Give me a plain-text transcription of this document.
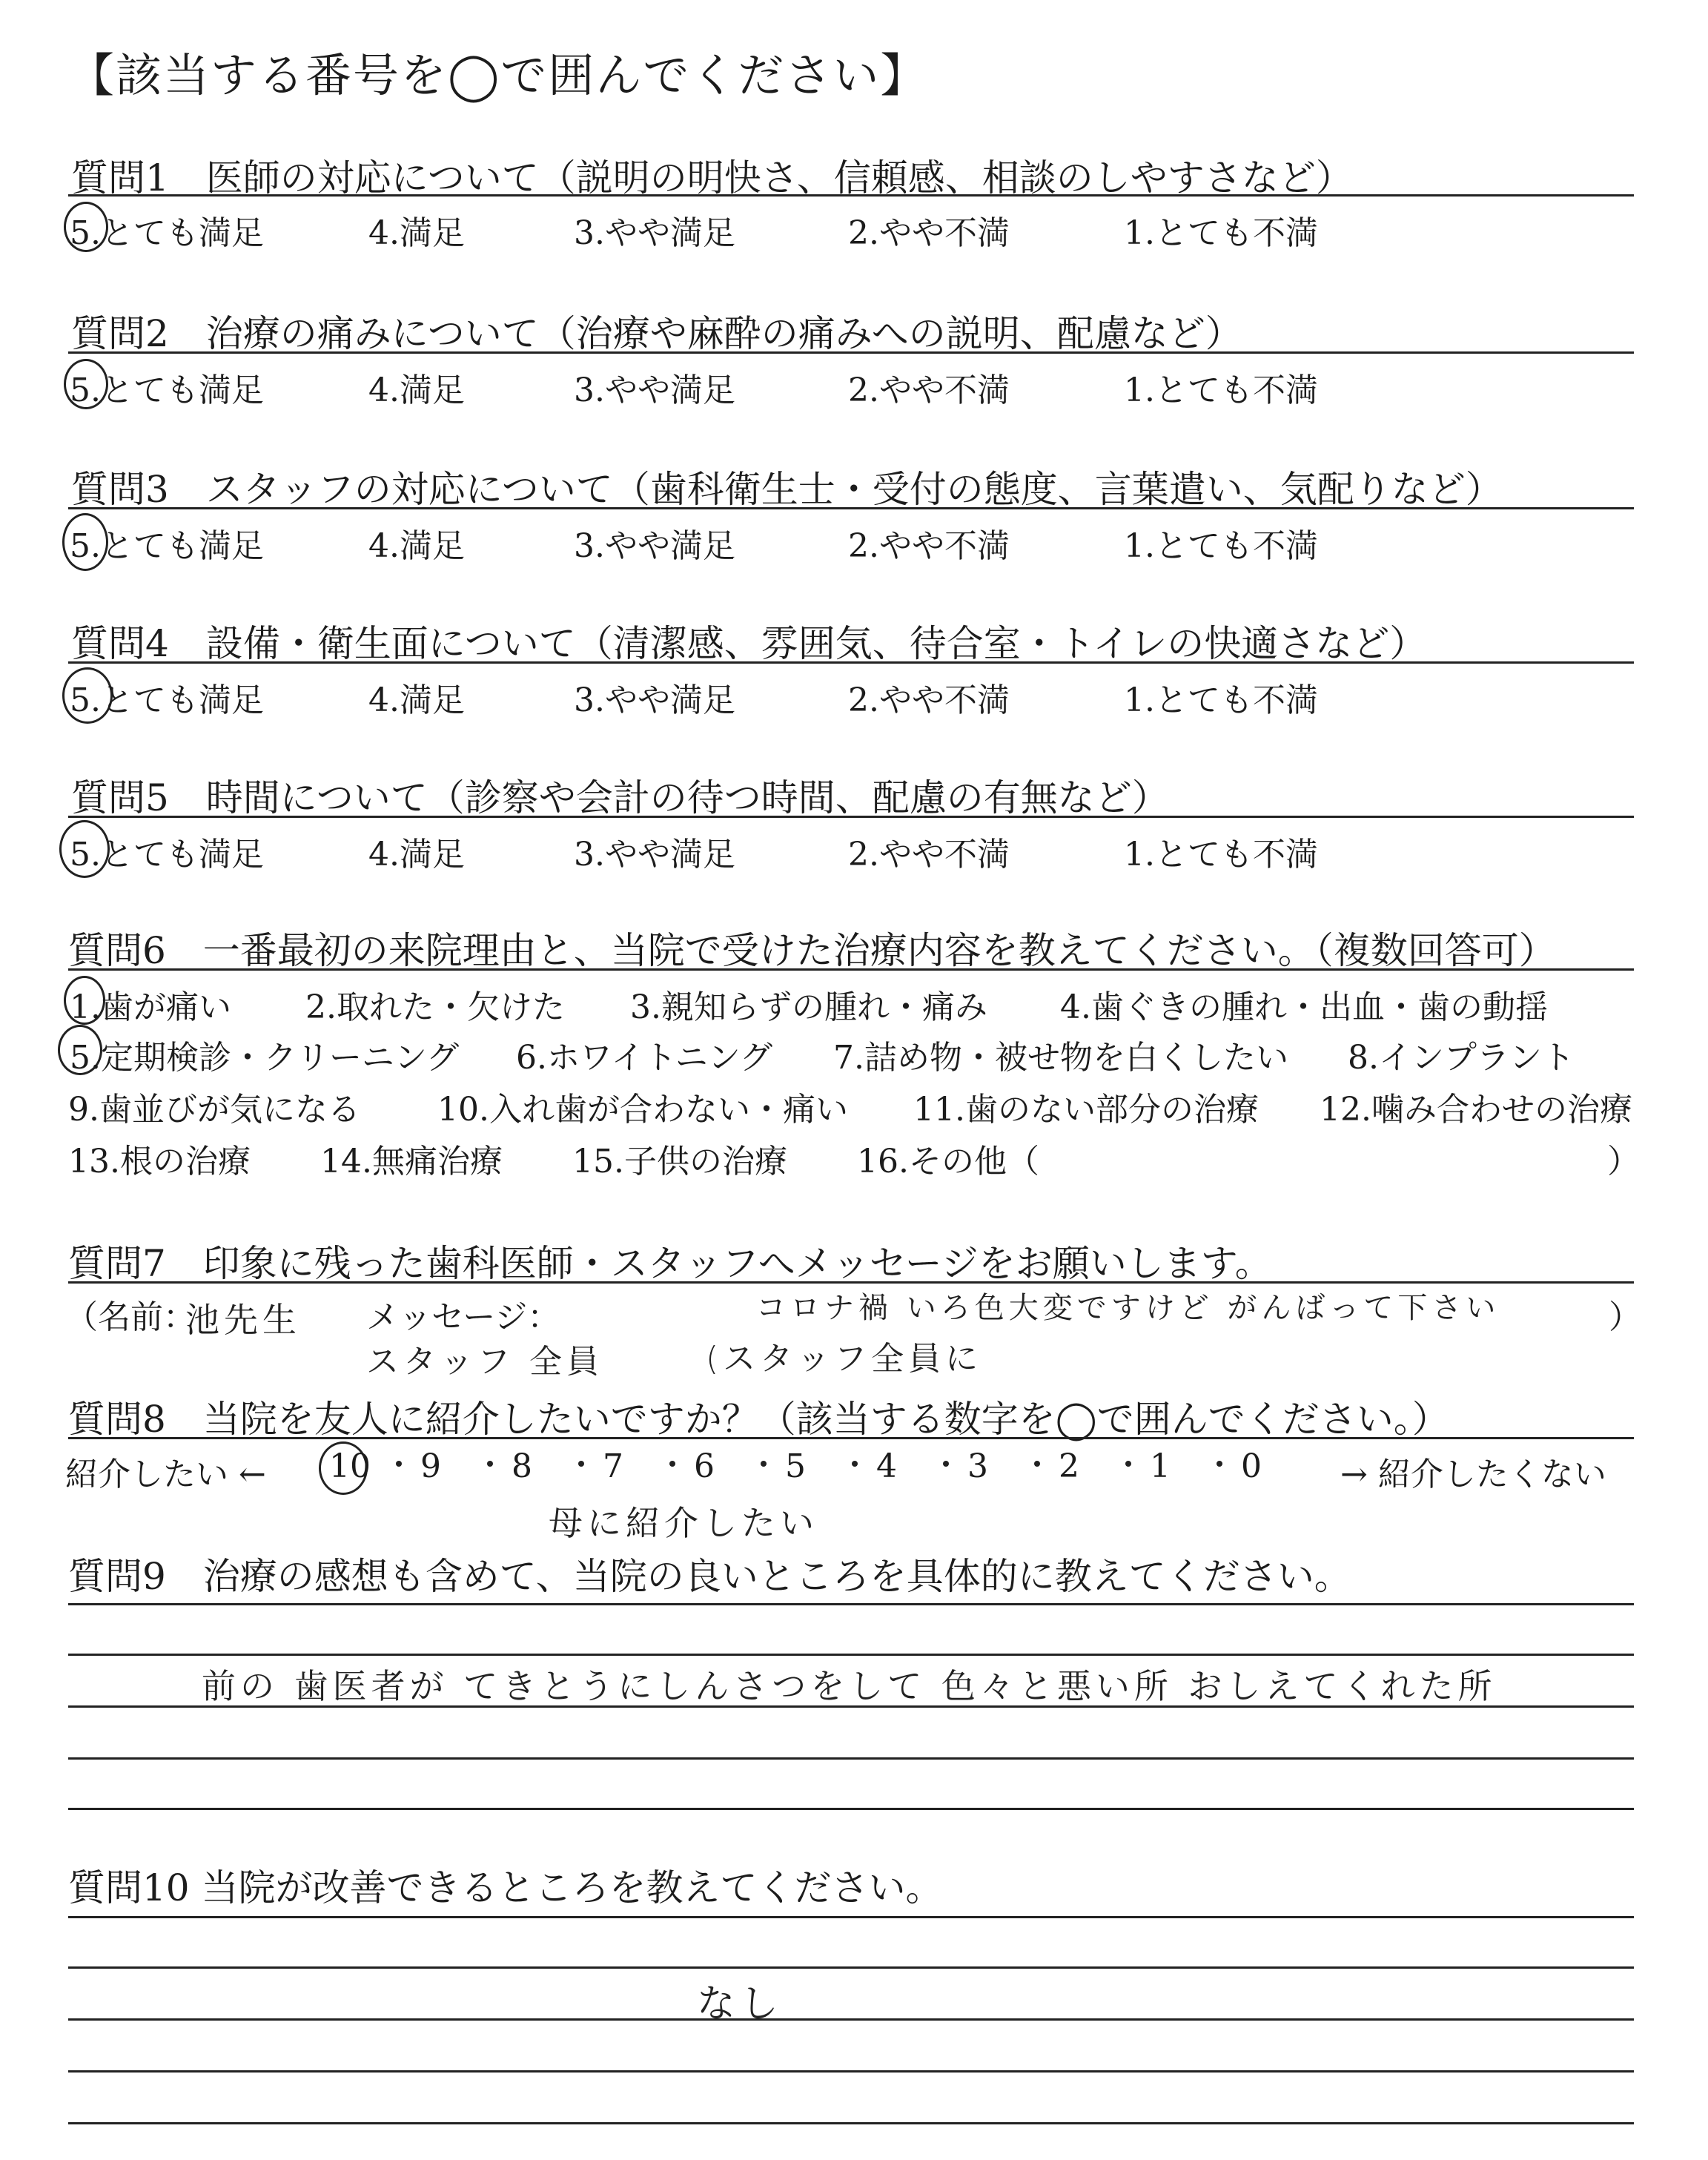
【該当する番号を◯で囲んでください】
質問1　医師の対応について（説明の明快さ、信頼感、相談のしやすさなど）
5.とても満足	4.満足	3.やや満足	2.やや不満	1.とても不満
質問2　治療の痛みについて（治療や麻酔の痛みへの説明、配慮など）
5.とても満足	4.満足	3.やや満足	2.やや不満	1.とても不満
質問3　スタッフの対応について（歯科衛生士・受付の態度、言葉遣い、気配りなど）
5.とても満足	4.満足	3.やや満足	2.やや不満	1.とても不満
質問4　設備・衛生面について（清潔感、雰囲気、待合室・トイレの快適さなど）
5.とても満足	4.満足	3.やや満足	2.やや不満	1.とても不満
質問5　時間について（診察や会計の待つ時間、配慮の有無など）
5.とても満足	4.満足	3.やや満足	2.やや不満	1.とても不満
質問6　一番最初の来院理由と、当院で受けた治療内容を教えてください。（複数回答可）
1.歯が痛い 2.取れた・欠けた 3.親知らずの腫れ・痛み 4.歯ぐきの腫れ・出血・歯の動揺
5.定期検診・クリーニング 6.ホワイトニング 7.詰め物・被せ物を白くしたい 8.インプラント
9.歯並びが気になる 10.入れ歯が合わない・痛い 11.歯のない部分の治療 12.噛み合わせの治療
13.根の治療 14.無痛治療 15.子供の治療 16.その他（	）
質問7　印象に残った歯科医師・スタッフへメッセージをお願いします。
（名前：
池先生 メッセージ：	コロナ禍 いろ色大変ですけど がんばって下さい	）
スタッフ 全員	(スタッフ全員に
質問8　当院を友人に紹介したいですか？（該当する数字を◯で囲んでください。）
紹介したい ← 10 9 8 7 6 5 4 3 2 1 0 → 紹介したくない
母に紹介したい
質問9　治療の感想も含めて、当院の良いところを具体的に教えてください。
前の 歯医者が てきとうにしんさつをして 色々と悪い所 おしえてくれた所
質問10 当院が改善できるところを教えてください。
なし
